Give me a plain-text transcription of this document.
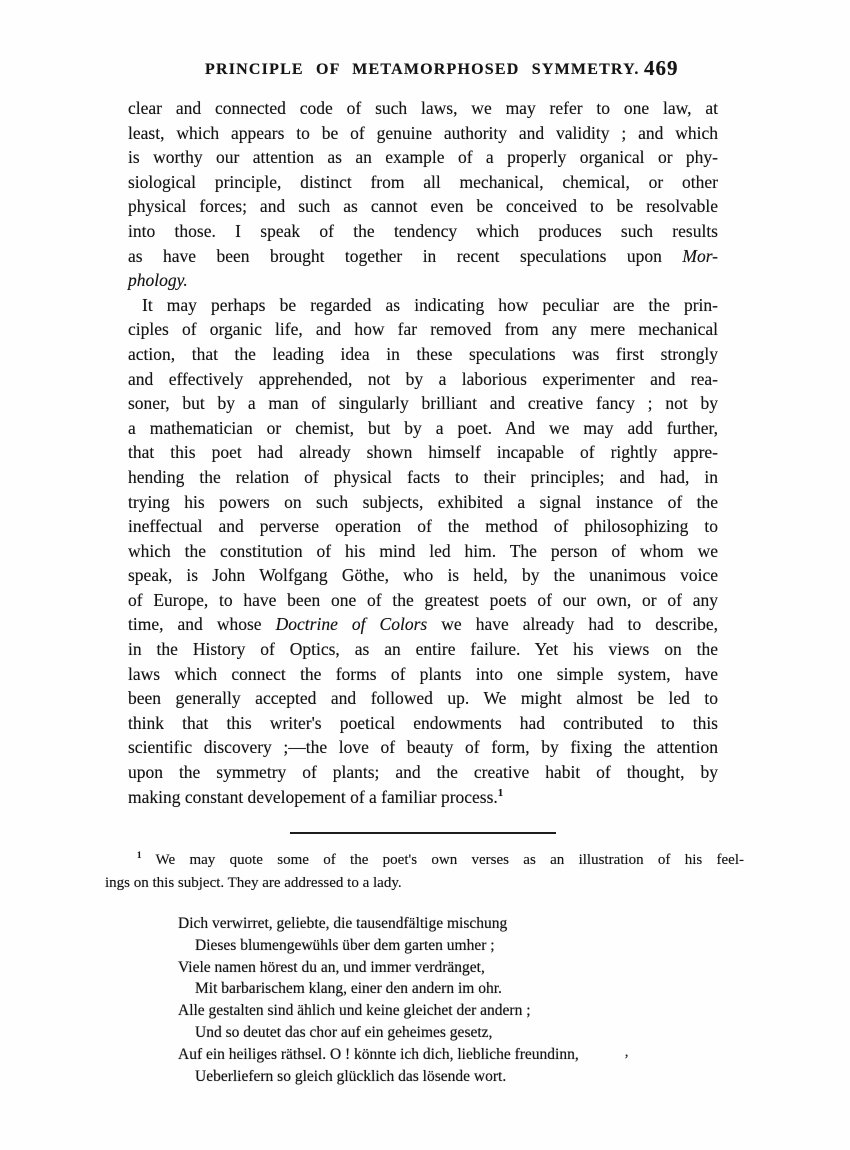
PRINCIPLE OF METAMORPHOSED SYMMETRY. 469
clear and connected code of such laws, we may refer to one law, at
least, which appears to be of genuine authority and validity ; and which
is worthy our attention as an example of a properly organical or phy-
siological principle, distinct from all mechanical, chemical, or other
physical forces; and such as cannot even be conceived to be resolvable
into those. I speak of the tendency which produces such results
as have been brought together in recent speculations upon Mor-
phology.
It may perhaps be regarded as indicating how peculiar are the prin-
ciples of organic life, and how far removed from any mere mechanical
action, that the leading idea in these speculations was first strongly
and effectively apprehended, not by a laborious experimenter and rea-
soner, but by a man of singularly brilliant and creative fancy ; not by
a mathematician or chemist, but by a poet. And we may add further,
that this poet had already shown himself incapable of rightly appre-
hending the relation of physical facts to their principles; and had, in
trying his powers on such subjects, exhibited a signal instance of the
ineffectual and perverse operation of the method of philosophizing to
which the constitution of his mind led him. The person of whom we
speak, is John Wolfgang Göthe, who is held, by the unanimous voice
of Europe, to have been one of the greatest poets of our own, or of any
time, and whose Doctrine of Colors we have already had to describe,
in the History of Optics, as an entire failure. Yet his views on the
laws which connect the forms of plants into one simple system, have
been generally accepted and followed up. We might almost be led to
think that this writer's poetical endowments had contributed to this
scientific discovery ;—the love of beauty of form, by fixing the attention
upon the symmetry of plants; and the creative habit of thought, by
making constant developement of a familiar process.$^1$
$^1$ We may quote some of the poet's own verses as an illustration of his feel-
ings on this subject. They are addressed to a lady.
Dich verwirret, geliebte, die tausendfältige mischung
Dieses blumengewühls über dem garten umher ;
Viele namen hörest du an, und immer verdränget,
Mit barbarischem klang, einer den andern im ohr.
Alle gestalten sind ählich und keine gleichet der andern ;
Und so deutet das chor auf ein geheimes gesetz,
Auf ein heiliges räthsel. O ! könnte ich dich, liebliche freundinn,
Ueberliefern so gleich glücklich das lösende wort.
’
